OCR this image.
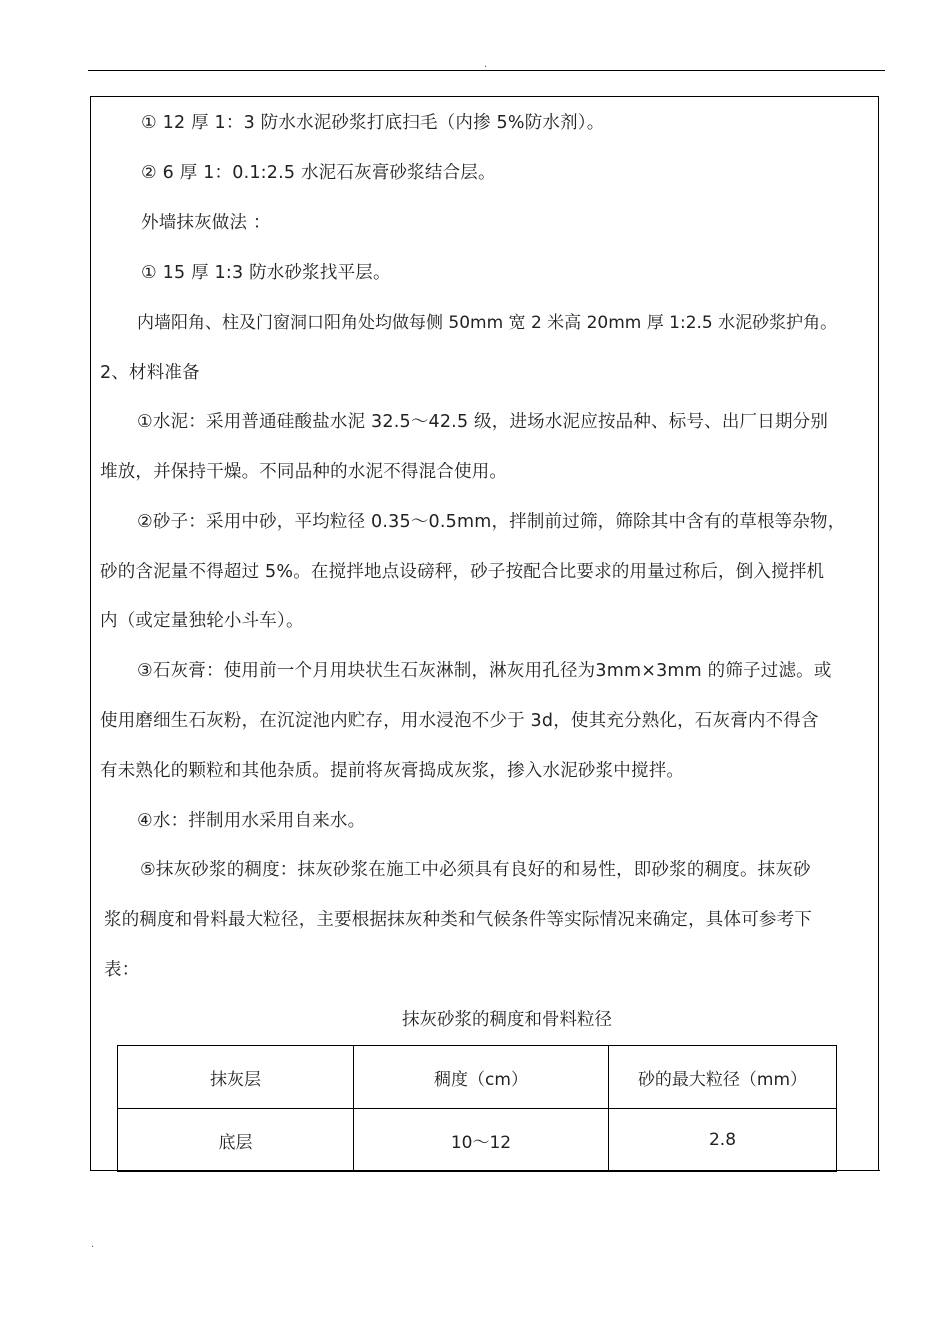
.
① 12 厚 1：3 防水水泥砂浆打底扫毛（内掺 5%防水剂）。
② 6 厚 1：0.1:2.5 水泥石灰膏砂浆结合层。
外墙抹灰做法 ：
① 15 厚 1:3 防水砂浆找平层。
内墙阳角、柱及门窗洞口阳角处均做每侧 50mm 宽 2 米高 20mm 厚 1:2.5 水泥砂浆护角。
2、材料准备
①水泥：采用普通硅酸盐水泥 32.5～42.5 级，进场水泥应按品种、标号、出厂日期分别
堆放，并保持干燥。不同品种的水泥不得混合使用。
②砂子：采用中砂，平均粒径 0.35～0.5mm，拌制前过筛，筛除其中含有的草根等杂物，
砂的含泥量不得超过 5%。在搅拌地点设磅秤，砂子按配合比要求的用量过称后，倒入搅拌机
内（或定量独轮小斗车）。
③石灰膏：使用前一个月用块状生石灰淋制，淋灰用孔径为3mm×3mm 的筛子过滤。或
使用磨细生石灰粉，在沉淀池内贮存，用水浸泡不少于 3d，使其充分熟化，石灰膏内不得含
有未熟化的颗粒和其他杂质。提前将灰膏捣成灰浆，掺入水泥砂浆中搅拌。
④水：拌制用水采用自来水。
⑤抹灰砂浆的稠度：抹灰砂浆在施工中必须具有良好的和易性，即砂浆的稠度。抹灰砂
浆的稠度和骨料最大粒径，主要根据抹灰种类和气候条件等实际情况来确定，具体可参考下
表：
抹灰砂浆的稠度和骨料粒径
抹灰层	稠度（cm）	砂的最大粒径（mm）
底层	10～12	2.8
.
